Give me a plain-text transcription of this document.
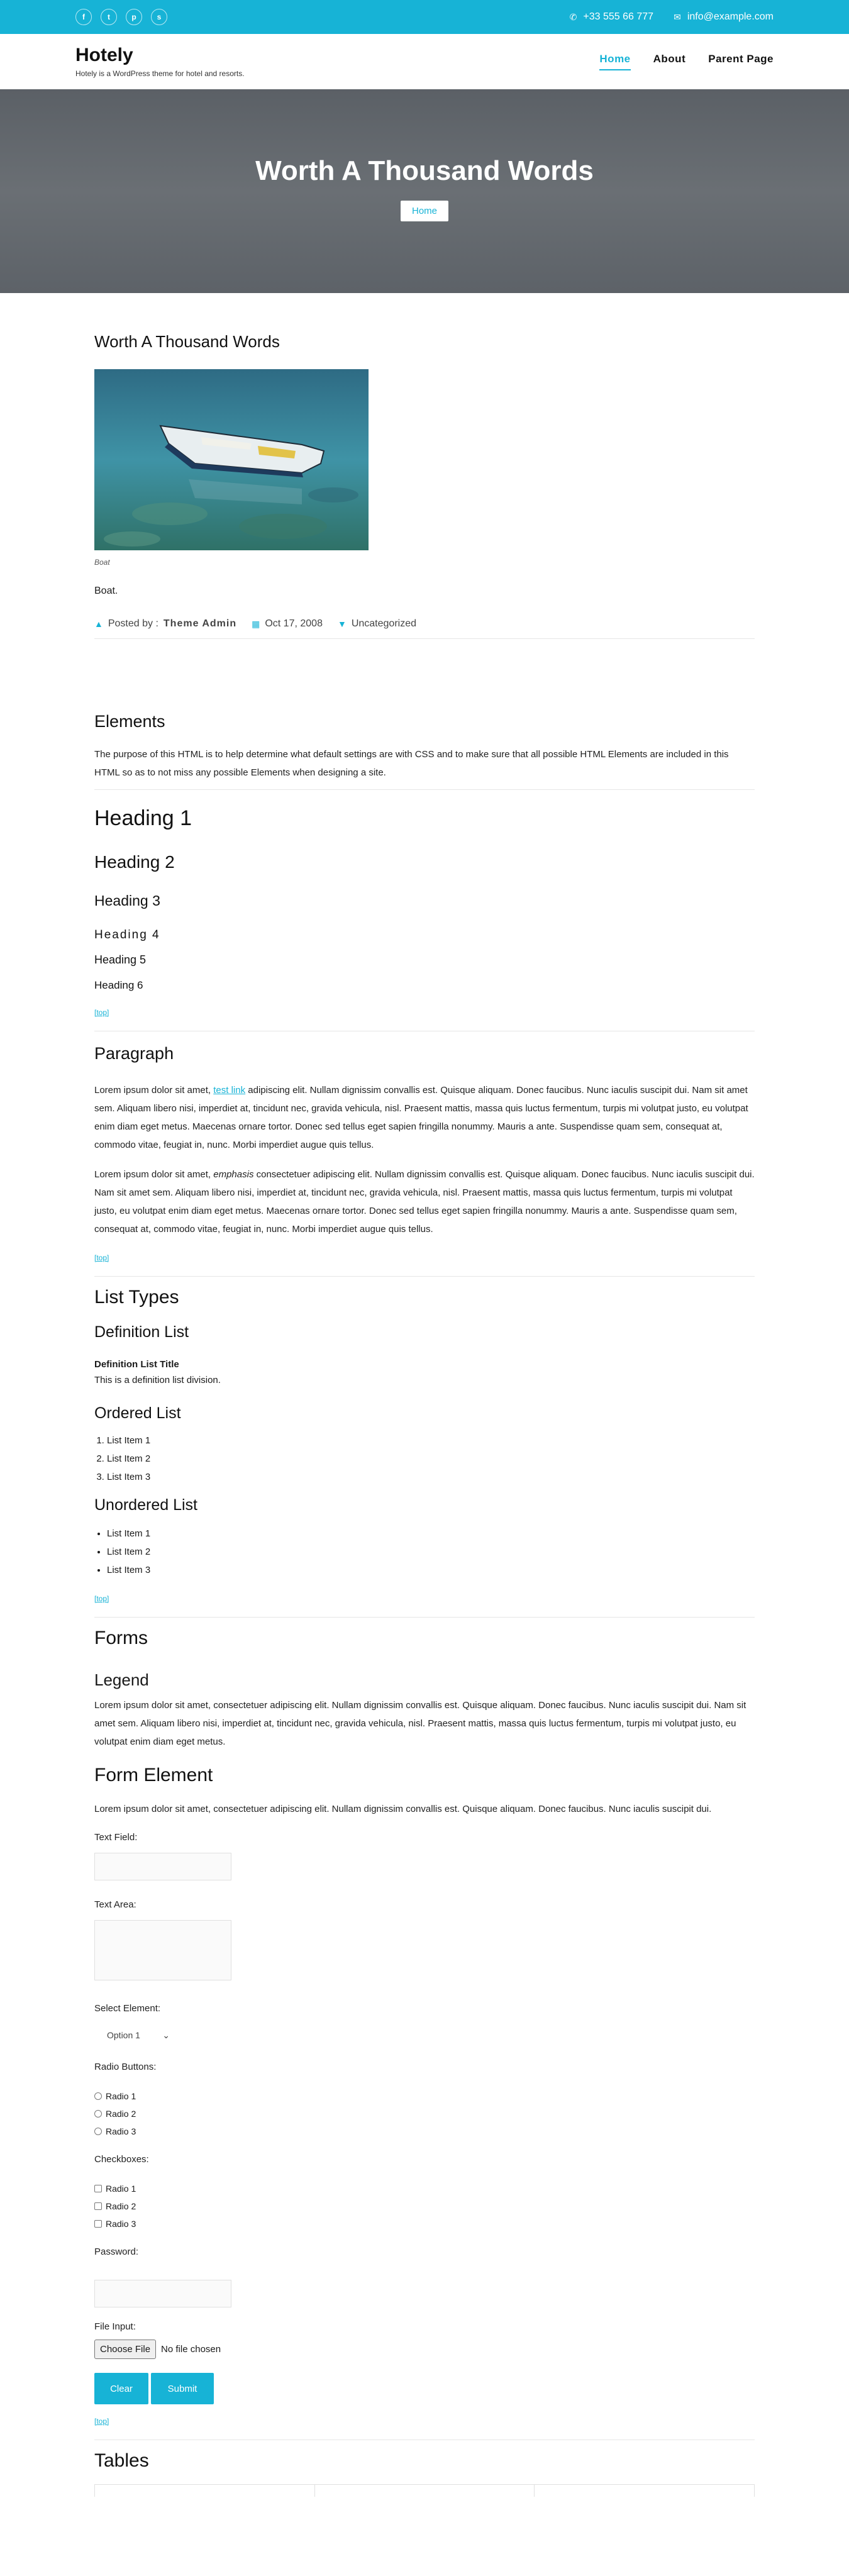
f	t	p	s	✆ +33 555 66 777 ✉ info@example.com
Hotely
Hotely is a WordPress theme for hotel and resorts.
Home About Parent Page
Worth A Thousand Words
Home
Worth A Thousand Words
Boat
Boat.
▲ Posted by : Theme Admin ▦ Oct 17, 2008 ▼ Uncategorized
Elements

The purpose of this HTML is to help determine what default settings are with CSS and to make sure that all possible HTML Elements are included in this HTML so as to not miss any possible Elements when designing a site.

Heading 1
Heading 2
Heading 3
Heading 4
Heading 5
Heading 6
[top]
Paragraph

Lorem ipsum dolor sit amet, test link adipiscing elit. Nullam dignissim convallis est. Quisque aliquam. Donec faucibus. Nunc iaculis suscipit dui. Nam sit amet sem. Aliquam libero nisi, imperdiet at, tincidunt nec, gravida vehicula, nisl. Praesent mattis, massa quis luctus fermentum, turpis mi volutpat justo, eu volutpat enim diam eget metus. Maecenas ornare tortor. Donec sed tellus eget sapien fringilla nonummy. Mauris a ante. Suspendisse quam sem, consequat at, commodo vitae, feugiat in, nunc. Morbi imperdiet augue quis tellus.

Lorem ipsum dolor sit amet, emphasis consectetuer adipiscing elit. Nullam dignissim convallis est. Quisque aliquam. Donec faucibus. Nunc iaculis suscipit dui. Nam sit amet sem. Aliquam libero nisi, imperdiet at, tincidunt nec, gravida vehicula, nisl. Praesent mattis, massa quis luctus fermentum, turpis mi volutpat justo, eu volutpat enim diam eget metus. Maecenas ornare tortor. Donec sed tellus eget sapien fringilla nonummy. Mauris a ante. Suspendisse quam sem, consequat at, commodo vitae, feugiat in, nunc. Morbi imperdiet augue quis tellus.

[top]
List Types
Definition List
Definition List Title
This is a definition list division.
Ordered List
1. List Item 1
2. List Item 2
3. List Item 3
Unordered List
• List Item 1
• List Item 2
• List Item 3
[top]
Forms
Legend

Lorem ipsum dolor sit amet, consectetuer adipiscing elit. Nullam dignissim convallis est. Quisque aliquam. Donec faucibus. Nunc iaculis suscipit dui. Nam sit amet sem. Aliquam libero nisi, imperdiet at, tincidunt nec, gravida vehicula, nisl. Praesent mattis, massa quis luctus fermentum, turpis mi volutpat justo, eu volutpat enim diam eget metus.

Form Element

Lorem ipsum dolor sit amet, consectetuer adipiscing elit. Nullam dignissim convallis est. Quisque aliquam. Donec faucibus. Nunc iaculis suscipit dui.

Text Field:
Text Area:
Select Element:
Option 1	⌄
Radio Buttons:
Radio 1
Radio 2
Radio 3
Checkboxes:
Radio 1
Radio 2
Radio 3
Password:
File Input:
Choose File	No file chosen
Clear	Submit
[top]
Tables
